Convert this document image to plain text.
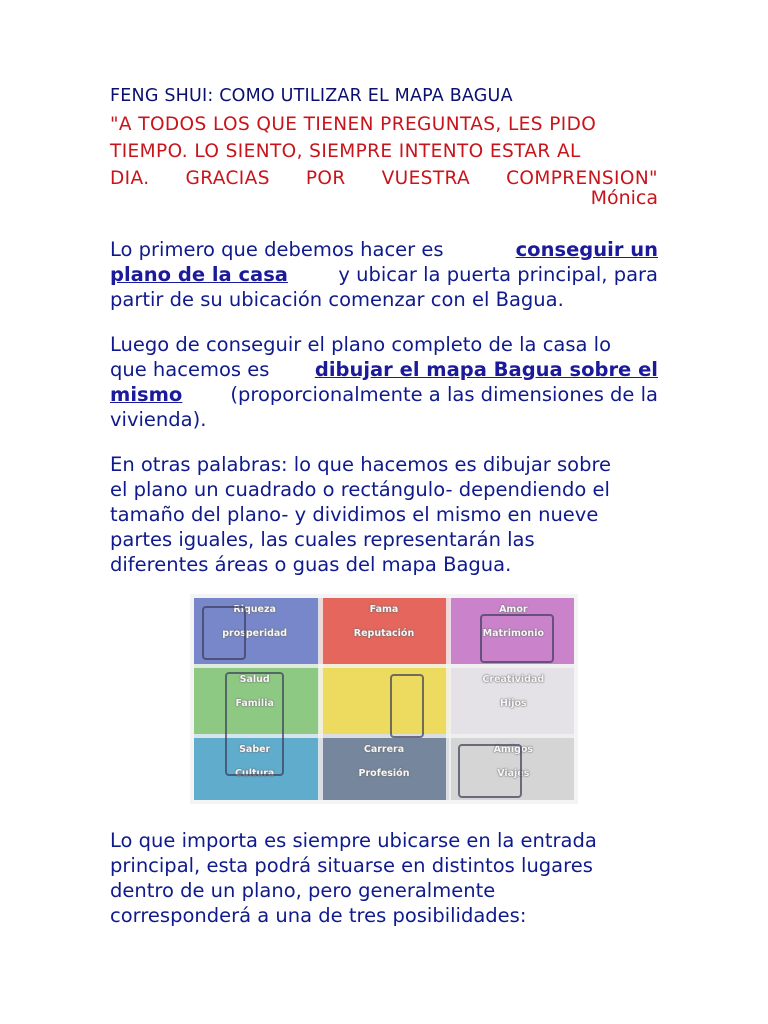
FENG SHUI: COMO UTILIZAR EL MAPA BAGUA
"A TODOS LOS QUE TIENEN PREGUNTAS, LES PIDO
TIEMPO. LO SIENTO, SIEMPRE INTENTO ESTAR AL
DIA. GRACIAS POR VUESTRA COMPRENSION"
Mónica
Lo primero que debemos hacer es	conseguir un
plano de la casa	y ubicar la puerta principal, para
partir de su ubicación comenzar con el Bagua.
Luego de conseguir el plano completo de la casa lo
que hacemos es dibujar el mapa Bagua sobre el
mismo (proporcionalmente a las dimensiones de la
vivienda).
En otras palabras: lo que hacemos es dibujar sobre
el plano un cuadrado o rectángulo- dependiendo el
tamaño del plano- y dividimos el mismo en nueve
partes iguales, las cuales representarán las
diferentes áreas o guas del mapa Bagua.
Lo que importa es siempre ubicarse en la entrada
principal, esta podrá situarse en distintos lugares
dentro de un plano, pero generalmente
corresponderá a una de tres posibilidades:
Amigos
Viajes
Carrera
Profesión
Saber
Cultura
Creatividad
Hijos
Salud
Familia
Amor
Matrimonio
Fama
Reputación
Riqueza
prosperidad
